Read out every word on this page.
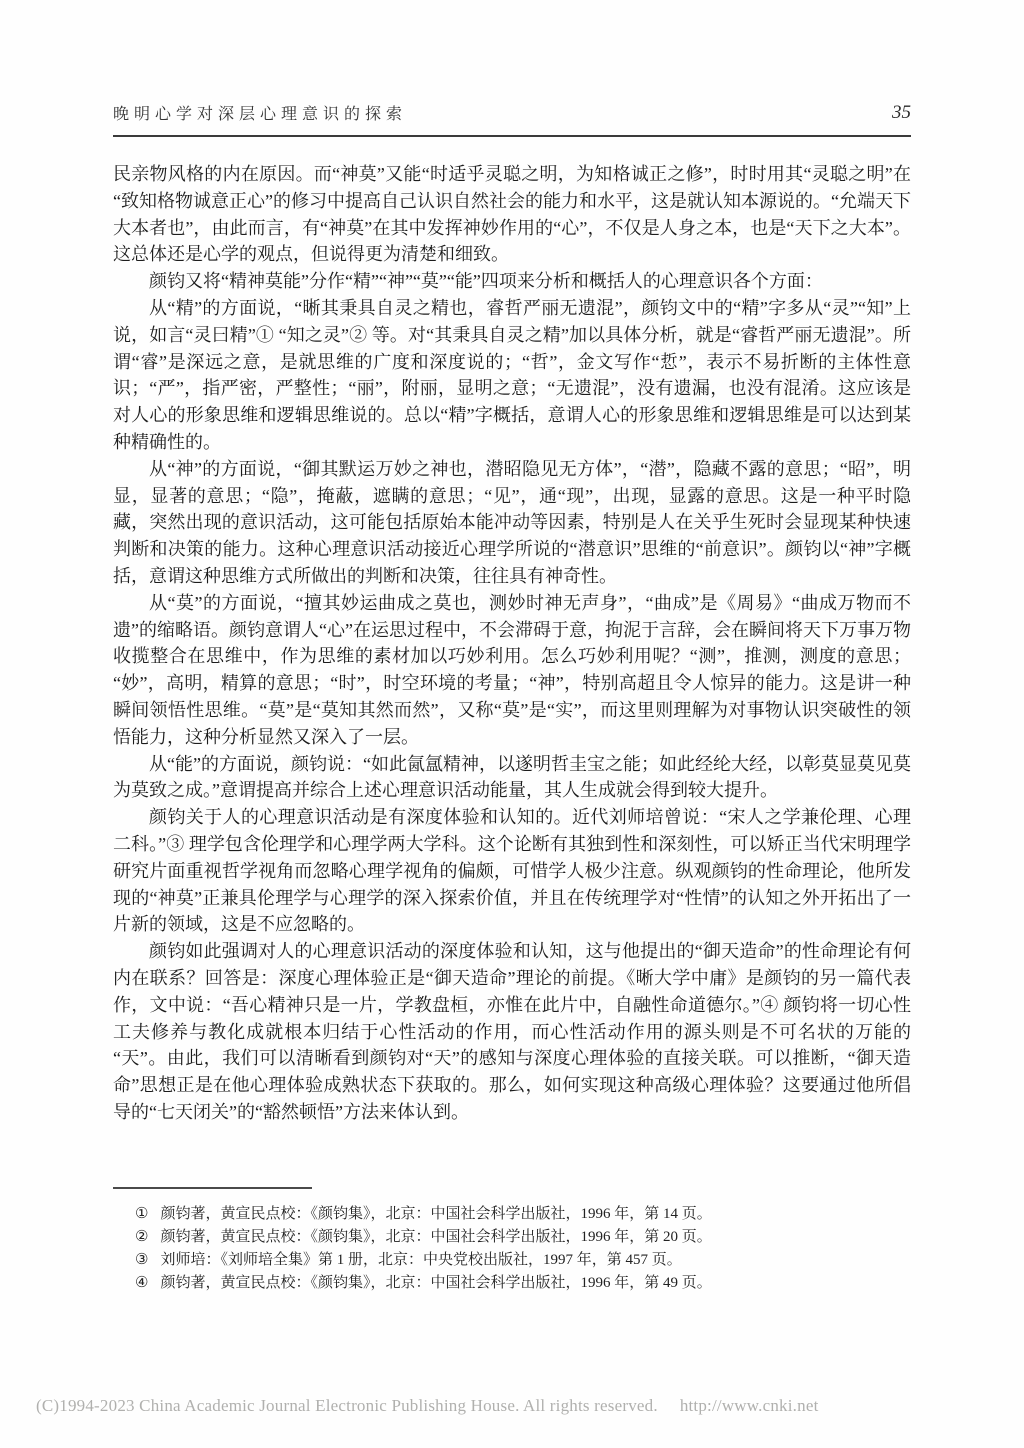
晚明心学对深层心理意识的探索	35

民亲物风格的内在原因。而“神莫”又能“时适乎灵聪之明，为知格诚正之修”，时时用其“灵聪之明”在“致知格物诚意正心”的修习中提高自己认识自然社会的能力和水平，这是就认知本源说的。“允端天下大本者也”，由此而言，有“神莫”在其中发挥神妙作用的“心”，不仅是人身之本，也是“天下之大本”。这总体还是心学的观点，但说得更为清楚和细致。

颜钧又将“精神莫能”分作“精”“神”“莫”“能”四项来分析和概括人的心理意识各个方面：

从“精”的方面说，“晰其秉具自灵之精也，睿哲严丽无遗混”，颜钧文中的“精”字多从“灵”“知”上说，如言“灵曰精”① “知之灵”② 等。对“其秉具自灵之精”加以具体分析，就是“睿哲严丽无遗混”。所谓“睿”是深远之意，是就思维的广度和深度说的；“哲”，金文写作“悊”，表示不易折断的主体性意识；“严”，指严密，严整性；“丽”，附丽，显明之意；“无遗混”，没有遗漏，也没有混淆。这应该是对人心的形象思维和逻辑思维说的。总以“精”字概括，意谓人心的形象思维和逻辑思维是可以达到某种精确性的。

从“神”的方面说，“御其默运万妙之神也，潜昭隐见无方体”，“潜”，隐藏不露的意思；“昭”，明显，显著的意思；“隐”，掩蔽，遮瞒的意思；“见”，通“现”，出现，显露的意思。这是一种平时隐藏，突然出现的意识活动，这可能包括原始本能冲动等因素，特别是人在关乎生死时会显现某种快速判断和决策的能力。这种心理意识活动接近心理学所说的“潜意识”思维的“前意识”。颜钧以“神”字概括，意谓这种思维方式所做出的判断和决策，往往具有神奇性。

从“莫”的方面说，“擅其妙运曲成之莫也，测妙时神无声身”，“曲成”是《周易》“曲成万物而不遗”的缩略语。颜钧意谓人“心”在运思过程中，不会滞碍于意，拘泥于言辞，会在瞬间将天下万事万物收揽整合在思维中，作为思维的素材加以巧妙利用。怎么巧妙利用呢？“测”，推测，测度的意思；“妙”，高明，精算的意思；“时”，时空环境的考量；“神”，特别高超且令人惊异的能力。这是讲一种瞬间领悟性思维。“莫”是“莫知其然而然”，又称“莫”是“实”，而这里则理解为对事物认识突破性的领悟能力，这种分析显然又深入了一层。

从“能”的方面说，颜钧说：“如此氤氲精神，以遂明哲圭宝之能；如此经纶大经，以彰莫显莫见莫为莫致之成。”意谓提高并综合上述心理意识活动能量，其人生成就会得到较大提升。

颜钧关于人的心理意识活动是有深度体验和认知的。近代刘师培曾说：“宋人之学兼伦理、心理二科。”③ 理学包含伦理学和心理学两大学科。这个论断有其独到性和深刻性，可以矫正当代宋明理学研究片面重视哲学视角而忽略心理学视角的偏颇，可惜学人极少注意。纵观颜钧的性命理论，他所发现的“神莫”正兼具伦理学与心理学的深入探索价值，并且在传统理学对“性情”的认知之外开拓出了一片新的领域，这是不应忽略的。

颜钧如此强调对人的心理意识活动的深度体验和认知，这与他提出的“御天造命”的性命理论有何内在联系？回答是：深度心理体验正是“御天造命”理论的前提。《晰大学中庸》是颜钧的另一篇代表作，文中说：“吾心精神只是一片，学教盘桓，亦惟在此片中，自融性命道德尔。”④ 颜钧将一切心性工夫修养与教化成就根本归结于心性活动的作用，而心性活动作用的源头则是不可名状的万能的“天”。由此，我们可以清晰看到颜钧对“天”的感知与深度心理体验的直接关联。可以推断，“御天造命”思想正是在他心理体验成熟状态下获取的。那么，如何实现这种高级心理体验？这要通过他所倡导的“七天闭关”的“豁然顿悟”方法来体认到。

① 颜钧著，黄宣民点校：《颜钧集》，北京：中国社会科学出版社，1996 年，第 14 页。
② 颜钧著，黄宣民点校：《颜钧集》，北京：中国社会科学出版社，1996 年，第 20 页。
③ 刘师培：《刘师培全集》第 1 册，北京：中央党校出版社，1997 年，第 457 页。
④ 颜钧著，黄宣民点校：《颜钧集》，北京：中国社会科学出版社，1996 年，第 49 页。
(C)1994-2023 China Academic Journal Electronic Publishing House. All rights reserved. http://www.cnki.net
